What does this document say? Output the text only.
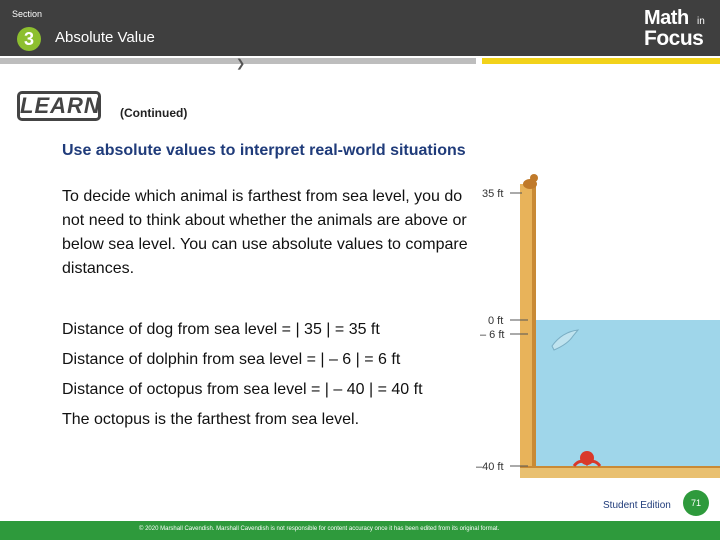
Section
3	Absolute Value
Math in
Focus
❯
LEARN (Continued)
Use absolute values to interpret real-world situations
To decide which animal is farthest from sea level, you do not need to think about whether the animals are above or below sea level. You can use absolute values to compare distances.
Distance of dog from sea level = | 35 | = 35 ft
Distance of dolphin from sea level = | – 6 | = 6 ft
Distance of octopus from sea level = | – 40 | = 40 ft
The octopus is the farthest from sea level.
35 ft
0 ft
– 6 ft
–40 ft
Student Edition	71
© 2020 Marshall Cavendish. Marshall Cavendish is not responsible for content accuracy once it has been edited from its original format.
